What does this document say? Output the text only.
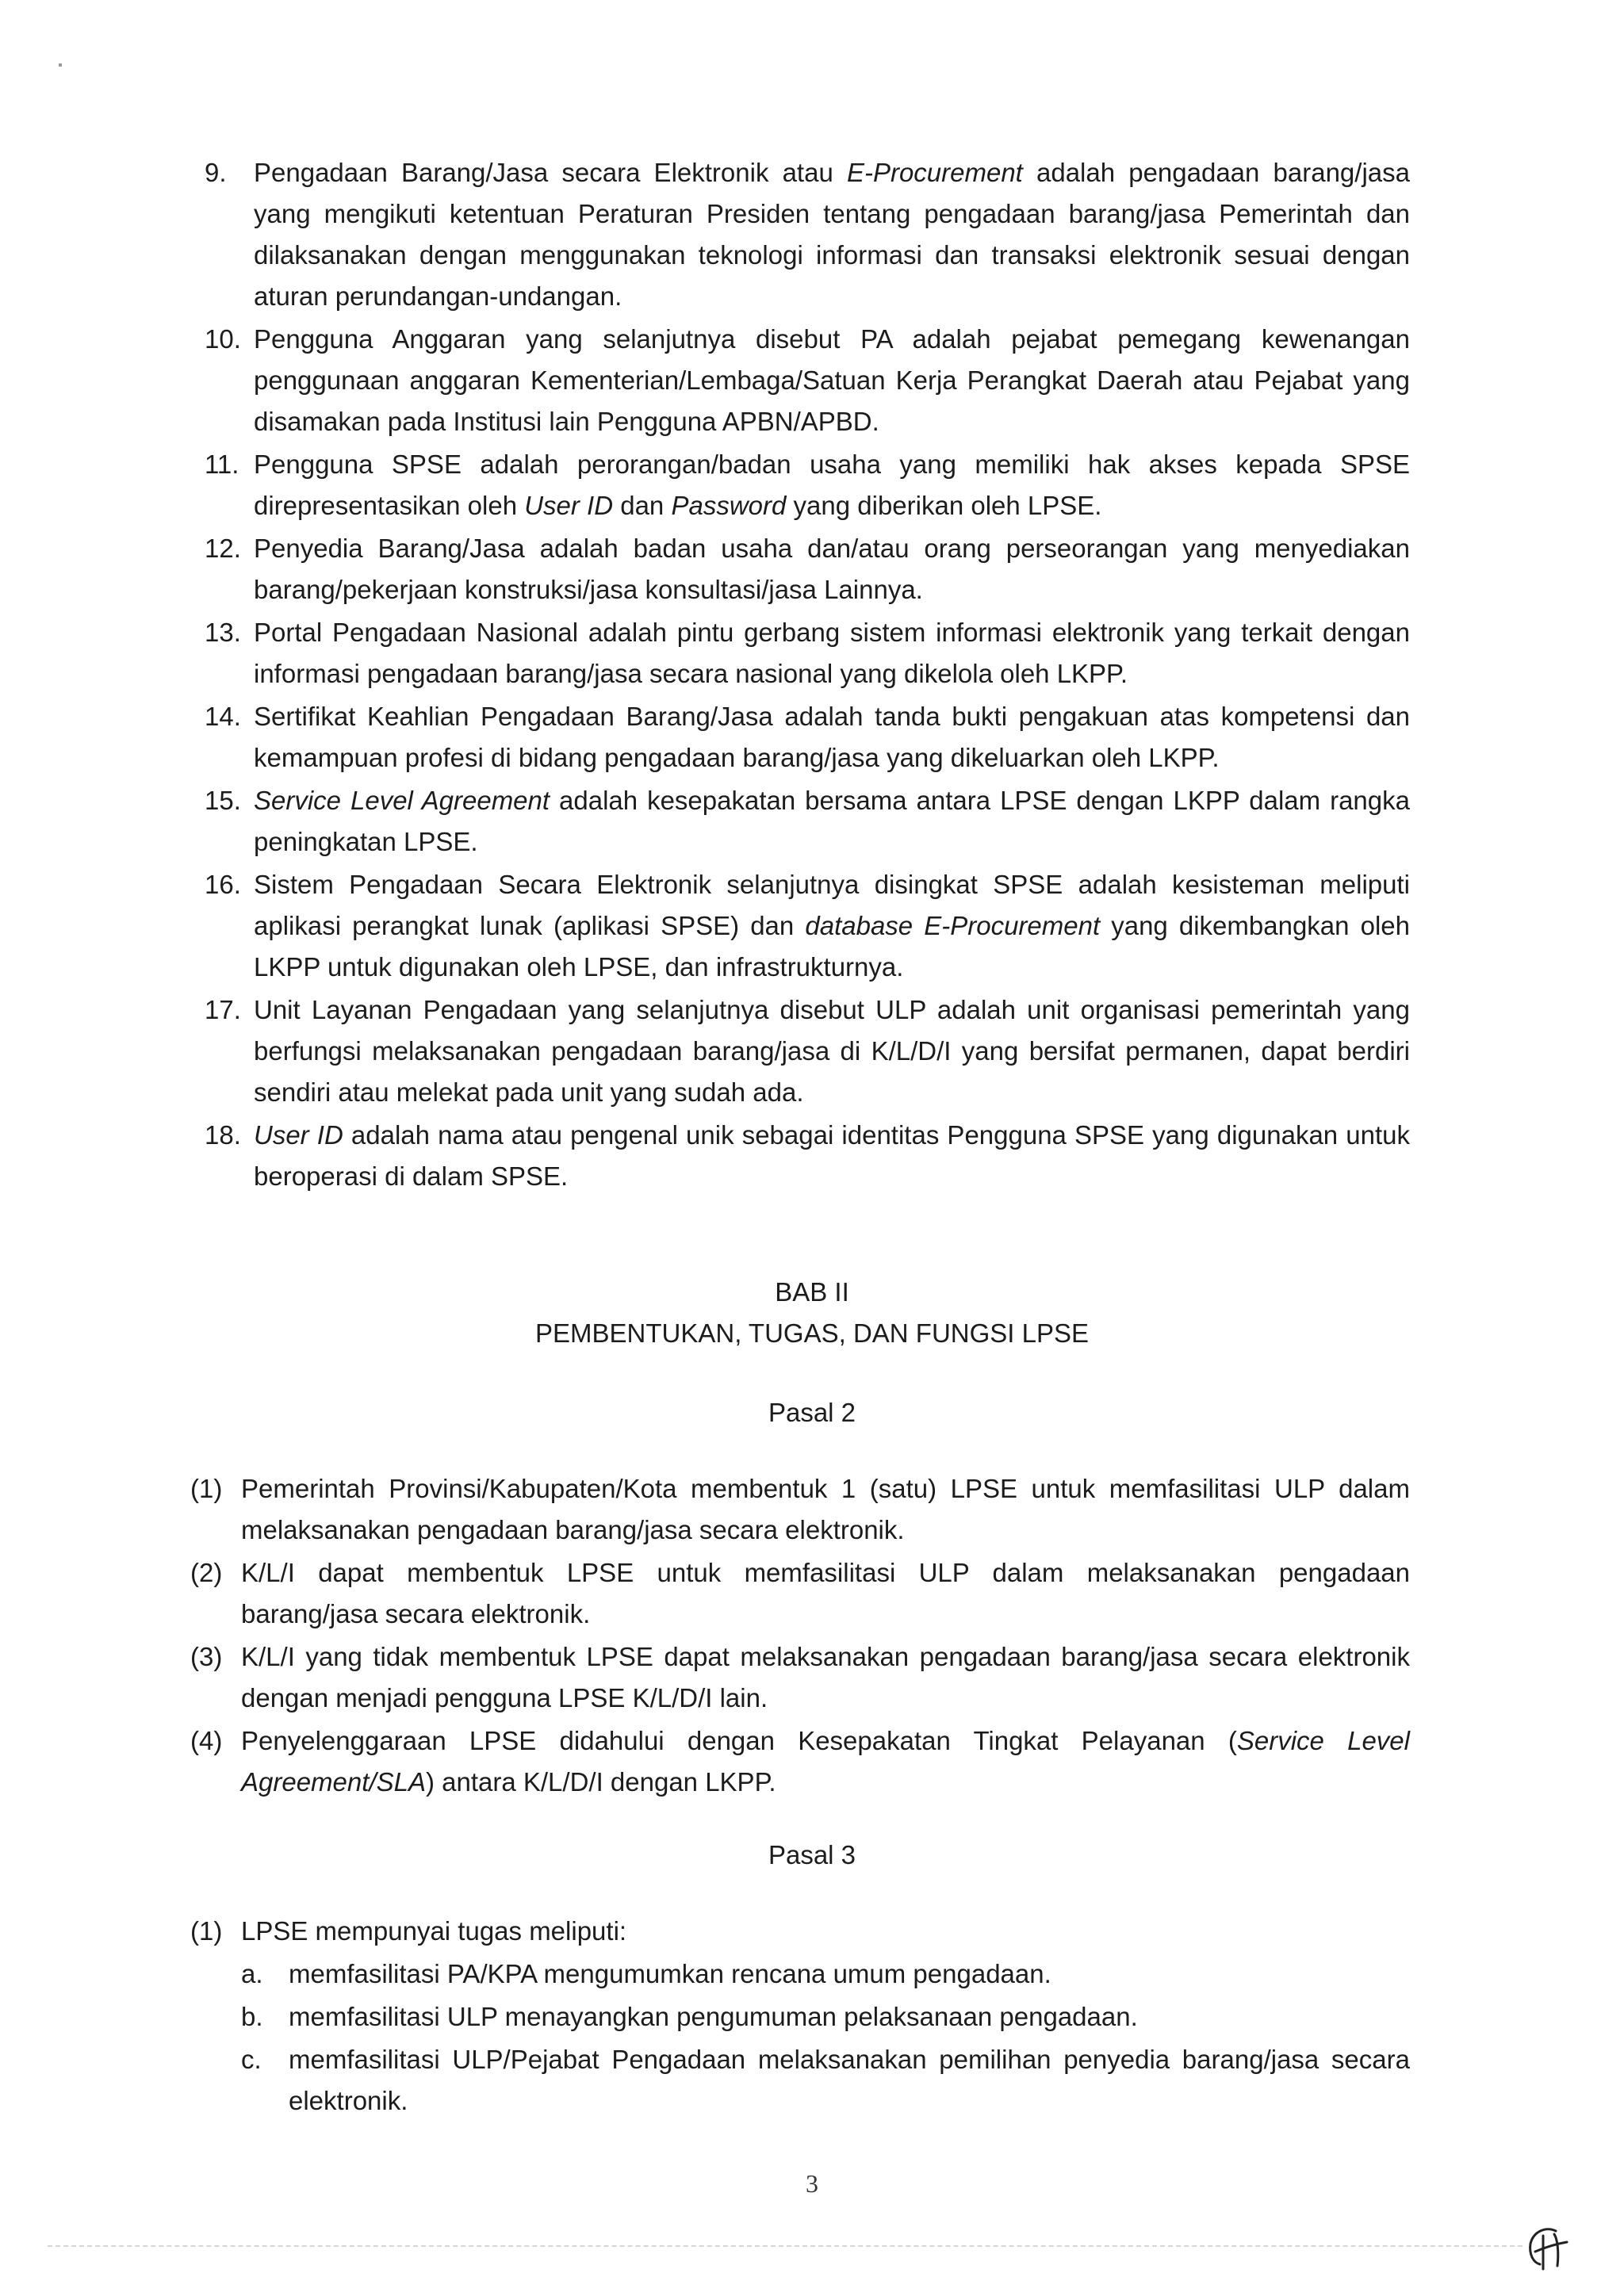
9.	Pengadaan Barang/Jasa secara Elektronik atau E-Procurement adalah pengadaan barang/jasa yang mengikuti ketentuan Peraturan Presiden tentang pengadaan barang/jasa Pemerintah dan dilaksanakan dengan menggunakan teknologi informasi dan transaksi elektronik sesuai dengan aturan perundangan-undangan.
10. Pengguna Anggaran yang selanjutnya disebut PA adalah pejabat pemegang kewenangan penggunaan anggaran Kementerian/Lembaga/Satuan Kerja Perangkat Daerah atau Pejabat yang disamakan pada Institusi lain Pengguna APBN/APBD.
11. Pengguna SPSE adalah perorangan/badan usaha yang memiliki hak akses kepada SPSE direpresentasikan oleh User ID dan Password yang diberikan oleh LPSE.
12. Penyedia Barang/Jasa adalah badan usaha dan/atau orang perseorangan yang menyediakan barang/pekerjaan konstruksi/jasa konsultasi/jasa Lainnya.
13. Portal Pengadaan Nasional adalah pintu gerbang sistem informasi elektronik yang terkait dengan informasi pengadaan barang/jasa secara nasional yang dikelola oleh LKPP.
14. Sertifikat Keahlian Pengadaan Barang/Jasa adalah tanda bukti pengakuan atas kompetensi dan kemampuan profesi di bidang pengadaan barang/jasa yang dikeluarkan oleh LKPP.
15. Service Level Agreement adalah kesepakatan bersama antara LPSE dengan LKPP dalam rangka peningkatan LPSE.
16. Sistem Pengadaan Secara Elektronik selanjutnya disingkat SPSE adalah kesisteman meliputi aplikasi perangkat lunak (aplikasi SPSE) dan database E-Procurement yang dikembangkan oleh LKPP untuk digunakan oleh LPSE, dan infrastrukturnya.
17. Unit Layanan Pengadaan yang selanjutnya disebut ULP adalah unit organisasi pemerintah yang berfungsi melaksanakan pengadaan barang/jasa di K/L/D/I yang bersifat permanen, dapat berdiri sendiri atau melekat pada unit yang sudah ada.
18. User ID adalah nama atau pengenal unik sebagai identitas Pengguna SPSE yang digunakan untuk beroperasi di dalam SPSE.
BAB II
PEMBENTUKAN, TUGAS, DAN FUNGSI LPSE
Pasal 2
(1) Pemerintah Provinsi/Kabupaten/Kota membentuk 1 (satu) LPSE untuk memfasilitasi ULP dalam melaksanakan pengadaan barang/jasa secara elektronik.
(2) K/L/I dapat membentuk LPSE untuk memfasilitasi ULP dalam melaksanakan pengadaan barang/jasa secara elektronik.
(3) K/L/I yang tidak membentuk LPSE dapat melaksanakan pengadaan barang/jasa secara elektronik dengan menjadi pengguna LPSE K/L/D/I lain.
(4) Penyelenggaraan LPSE didahului dengan Kesepakatan Tingkat Pelayanan (Service Level Agreement/SLA) antara K/L/D/I dengan LKPP.
Pasal 3
(1) LPSE mempunyai tugas meliputi:
a. memfasilitasi PA/KPA mengumumkan rencana umum pengadaan.
b. memfasilitasi ULP menayangkan pengumuman pelaksanaan pengadaan.
c.	memfasilitasi ULP/Pejabat Pengadaan melaksanakan pemilihan penyedia barang/jasa secara elektronik.
3
